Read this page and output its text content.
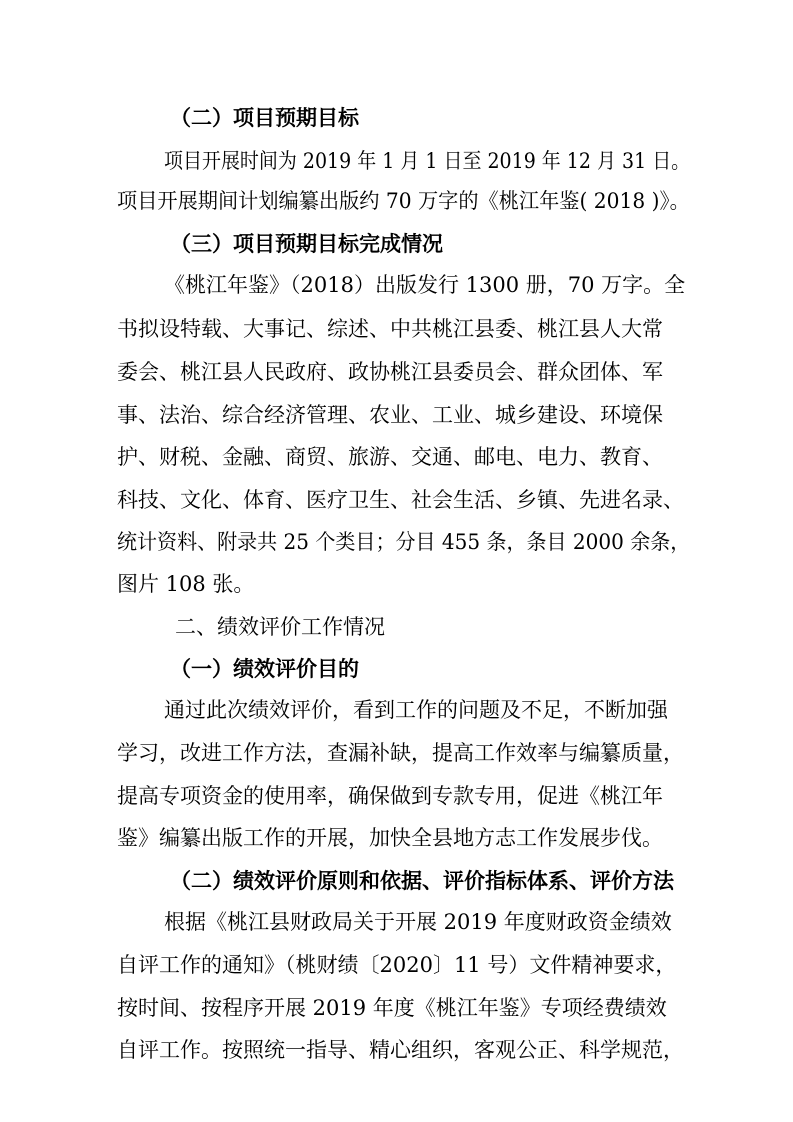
（二）项目预期目标
项目开展时间为 2019 年 1 月 1 日至 2019 年 12 月 31 日。
项目开展期间计划编纂出版约 70 万字的《桃江年鉴( 2018 )》。
（三）项目预期目标完成情况
《桃江年鉴》（2018）出版发行 1300 册，70 万字。全
书拟设特载、大事记、综述、中共桃江县委、桃江县人大常
委会、桃江县人民政府、政协桃江县委员会、群众团体、军
事、法治、综合经济管理、农业、工业、城乡建设、环境保
护、财税、金融、商贸、旅游、交通、邮电、电力、教育、
科技、文化、体育、医疗卫生、社会生活、乡镇、先进名录、
统计资料、附录共 25 个类目；分目 455 条，条目 2000 余条，
图片 108 张。
二、绩效评价工作情况
（一）绩效评价目的
通过此次绩效评价，看到工作的问题及不足，不断加强
学习，改进工作方法，查漏补缺，提高工作效率与编纂质量，
提高专项资金的使用率，确保做到专款专用，促进《桃江年
鉴》编纂出版工作的开展，加快全县地方志工作发展步伐。
（二）绩效评价原则和依据、评价指标体系、评价方法
根据《桃江县财政局关于开展 2019 年度财政资金绩效
自评工作的通知》（桃财绩〔2020〕11 号）文件精神要求，
按时间、按程序开展 2019 年度《桃江年鉴》专项经费绩效
自评工作。按照统一指导、精心组织，客观公正、科学规范，
